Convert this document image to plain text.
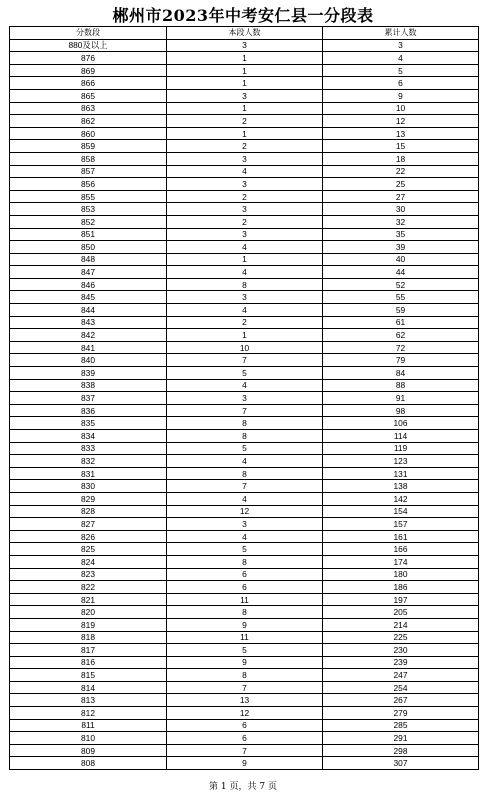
郴州市2023年中考安仁县一分段表
分数段	本段人数	累计人数
880及以上	3	3
876	1	4
869	1	5
866	1	6
865	3	9
863	1	10
862	2	12
860	1	13
859	2	15
858	3	18
857	4	22
856	3	25
855	2	27
853	3	30
852	2	32
851	3	35
850	4	39
848	1	40
847	4	44
846	8	52
845	3	55
844	4	59
843	2	61
842	1	62
841	10	72
840	7	79
839	5	84
838	4	88
837	3	91
836	7	98
835	8	106
834	8	114
833	5	119
832	4	123
831	8	131
830	7	138
829	4	142
828	12	154
827	3	157
826	4	161
825	5	166
824	8	174
823	6	180
822	6	186
821	11	197
820	8	205
819	9	214
818	11	225
817	5	230
816	9	239
815	8	247
814	7	254
813	13	267
812	12	279
811	6	285
810	6	291
809	7	298
808	9	307
第 1 页，共 7 页
